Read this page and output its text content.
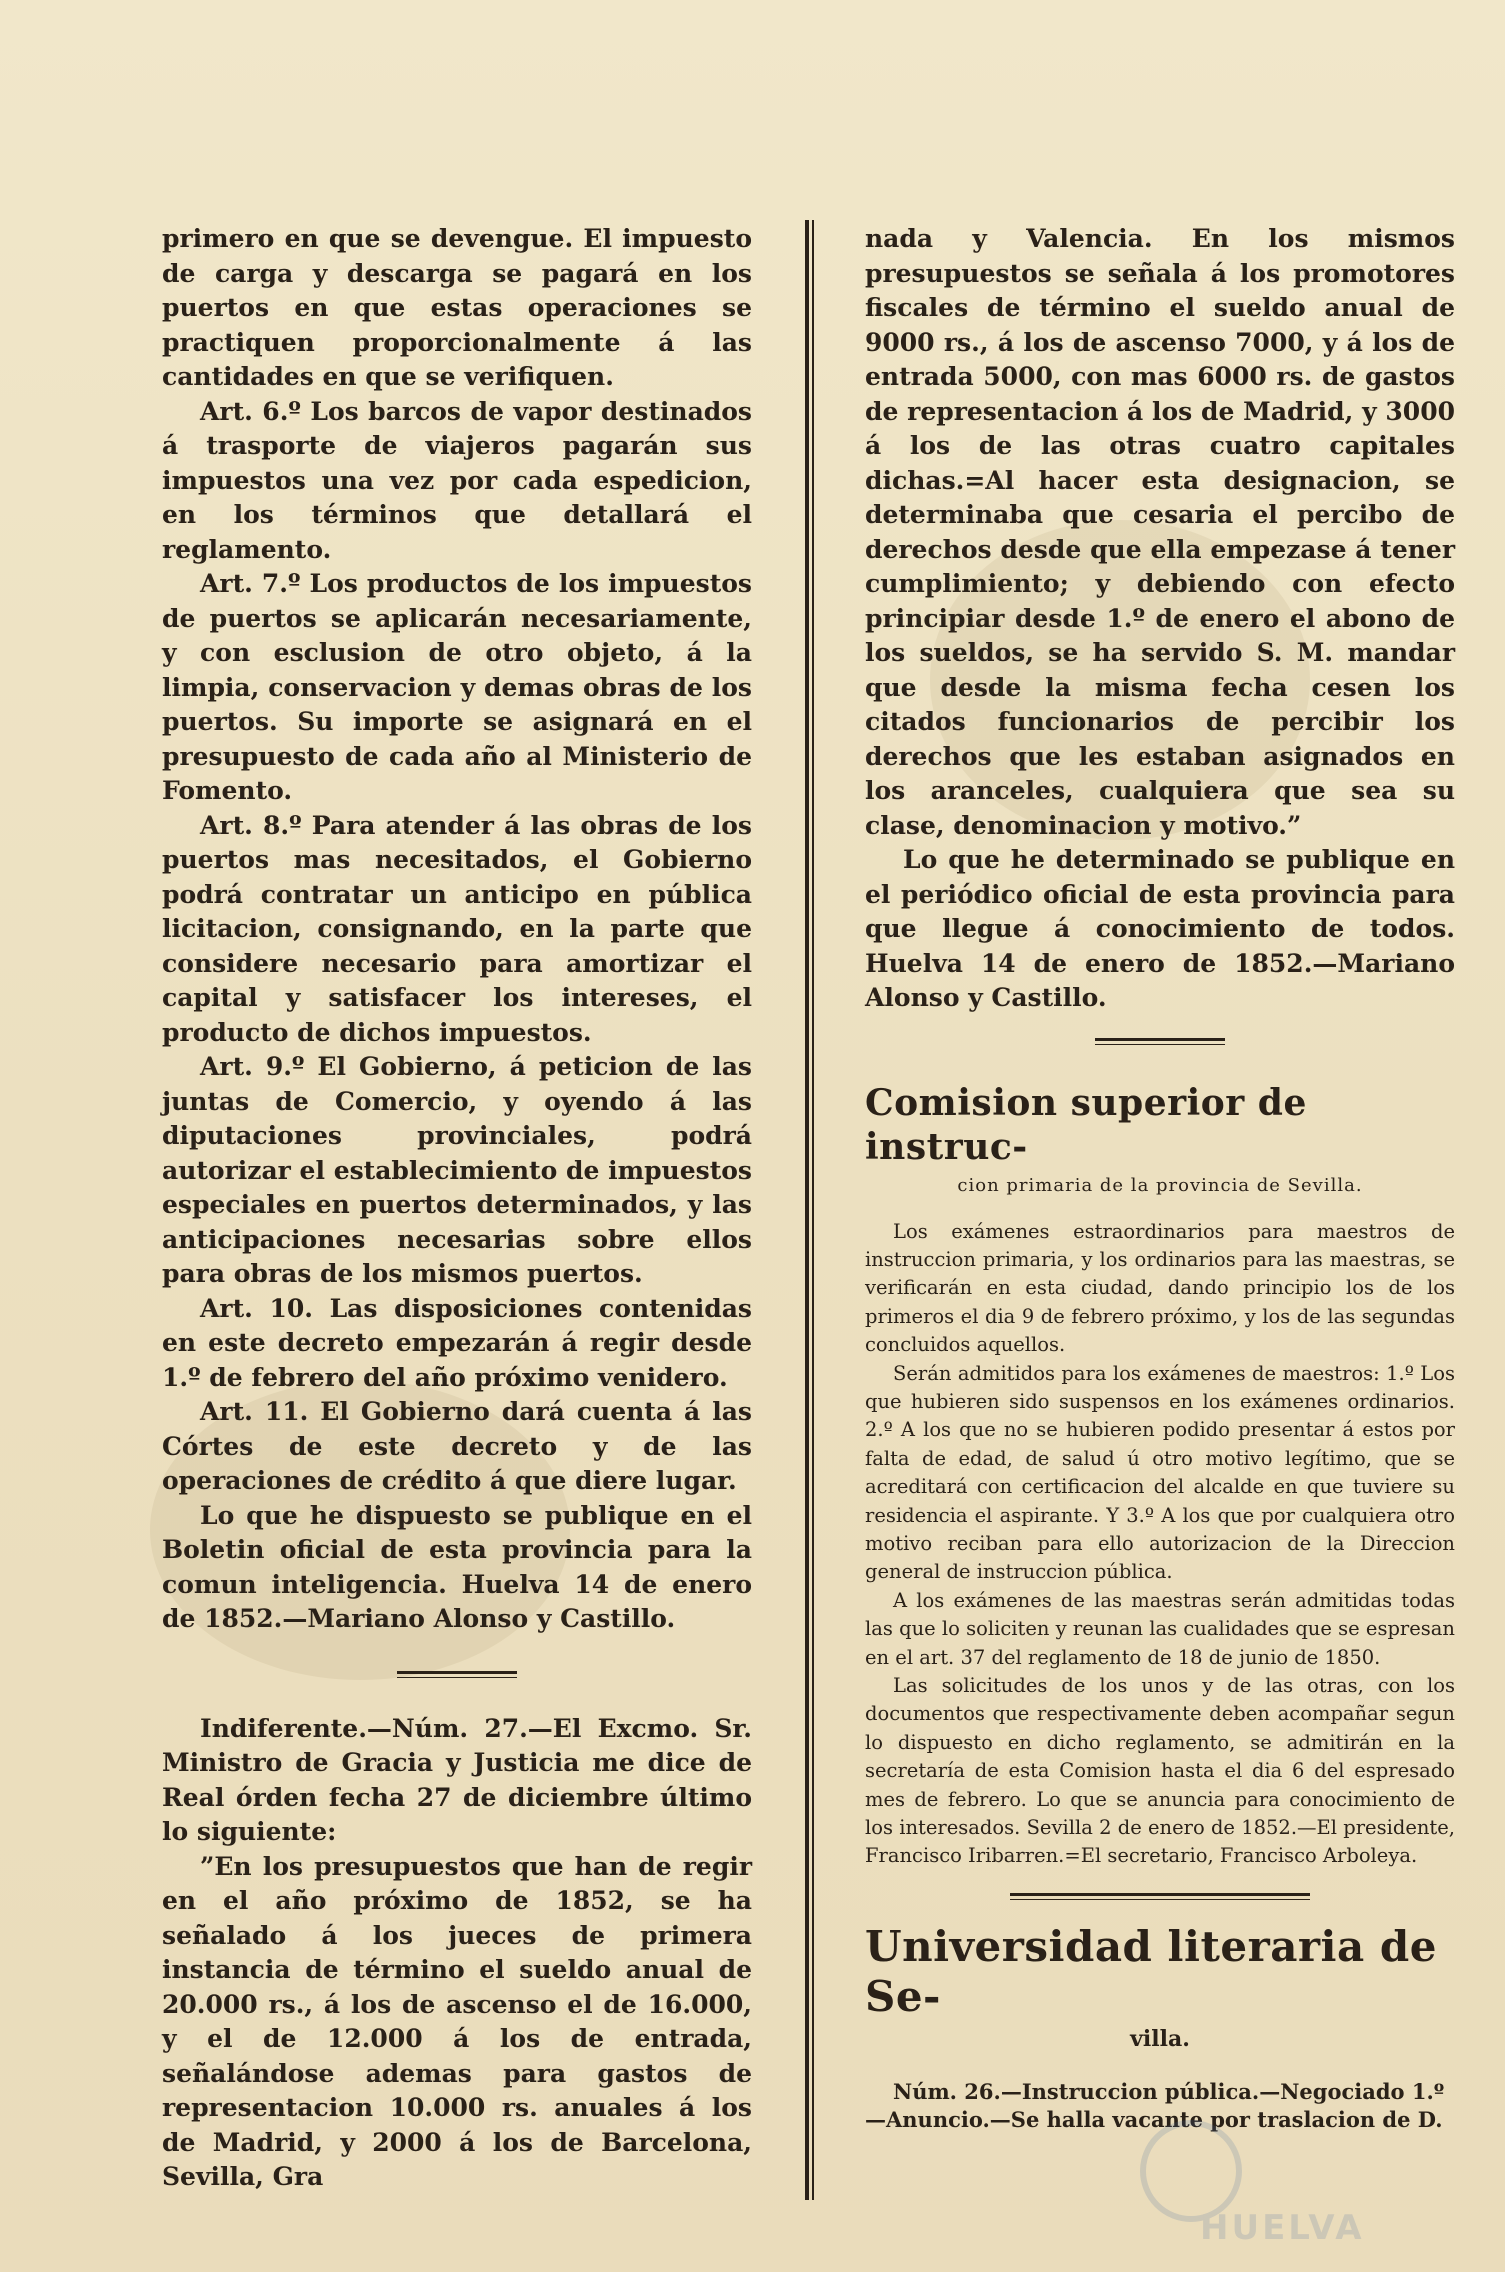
primero en que se devengue. El impuesto de carga y descarga se pagará en los puertos en que estas operaciones se practiquen proporcionalmente á las cantidades en que se verifiquen.

Art. 6.º Los barcos de vapor destinados á trasporte de viajeros pagarán sus impuestos una vez por cada espedicion, en los términos que detallará el reglamento.

Art. 7.º Los productos de los impuestos de puertos se aplicarán necesariamente, y con esclusion de otro objeto, á la limpia, conservacion y demas obras de los puertos. Su importe se asignará en el presupuesto de cada año al Ministerio de Fomento.

Art. 8.º Para atender á las obras de los puertos mas necesitados, el Gobierno podrá contratar un anticipo en pública licitacion, consignando, en la parte que considere necesario para amortizar el capital y satisfacer los intereses, el producto de dichos impuestos.

Art. 9.º El Gobierno, á peticion de las juntas de Comercio, y oyendo á las diputaciones provinciales, podrá autorizar el establecimiento de impuestos especiales en puertos determinados, y las anticipaciones necesarias sobre ellos para obras de los mismos puertos.

Art. 10. Las disposiciones contenidas en este decreto empezarán á regir desde 1.º de febrero del año próximo venidero.

Art. 11. El Gobierno dará cuenta á las Córtes de este decreto y de las operaciones de crédito á que diere lugar.

Lo que he dispuesto se publique en el Boletin oficial de esta provincia para la comun inteligencia. Huelva 14 de enero de 1852.—Mariano Alonso y Castillo.

Indiferente.—Núm. 27.—El Excmo. Sr. Ministro de Gracia y Justicia me dice de Real órden fecha 27 de diciembre último lo siguiente:

”En los presupuestos que han de regir en el año próximo de 1852, se ha señalado á los jueces de primera instancia de término el sueldo anual de 20.000 rs., á los de ascenso el de 16.000, y el de 12.000 á los de entrada, señalándose ademas para gastos de representacion 10.000 rs. anuales á los de Madrid, y 2000 á los de Barcelona, Sevilla, Gra

nada y Valencia. En los mismos presupuestos se señala á los promotores fiscales de término el sueldo anual de 9000 rs., á los de ascenso 7000, y á los de entrada 5000, con mas 6000 rs. de gastos de representacion á los de Madrid, y 3000 á los de las otras cuatro capitales dichas.=Al hacer esta designacion, se determinaba que cesaria el percibo de derechos desde que ella empezase á tener cumplimiento; y debiendo con efecto principiar desde 1.º de enero el abono de los sueldos, se ha servido S. M. mandar que desde la misma fecha cesen los citados funcionarios de percibir los derechos que les estaban asignados en los aranceles, cualquiera que sea su clase, denominacion y motivo.”

Lo que he determinado se publique en el periódico oficial de esta provincia para que llegue á conocimiento de todos. Huelva 14 de enero de 1852.—Mariano Alonso y Castillo.

Comision superior de instruc-
cion primaria de la provincia de Sevilla.

Los exámenes estraordinarios para maestros de instruccion primaria, y los ordinarios para las maestras, se verificarán en esta ciudad, dando principio los de los primeros el dia 9 de febrero próximo, y los de las segundas concluidos aquellos.

Serán admitidos para los exámenes de maestros: 1.º Los que hubieren sido suspensos en los exámenes ordinarios. 2.º A los que no se hubieren podido presentar á estos por falta de edad, de salud ú otro motivo legítimo, que se acreditará con certificacion del alcalde en que tuviere su residencia el aspirante. Y 3.º A los que por cualquiera otro motivo reciban para ello autorizacion de la Direccion general de instruccion pública.

A los exámenes de las maestras serán admitidas todas las que lo soliciten y reunan las cualidades que se espresan en el art. 37 del reglamento de 18 de junio de 1850.

Las solicitudes de los unos y de las otras, con los documentos que respectivamente deben acompañar segun lo dispuesto en dicho reglamento, se admitirán en la secretaría de esta Comision hasta el dia 6 del espresado mes de febrero. Lo que se anuncia para conocimiento de los interesados. Sevilla 2 de enero de 1852.—El presidente, Francisco Iribarren.=El secretario, Francisco Arboleya.

Universidad literaria de Se-
villa.

Núm. 26.—Instruccion pública.—Negociado 1.º

—Anuncio.—Se halla vacante por traslacion de D.

HUELVA
